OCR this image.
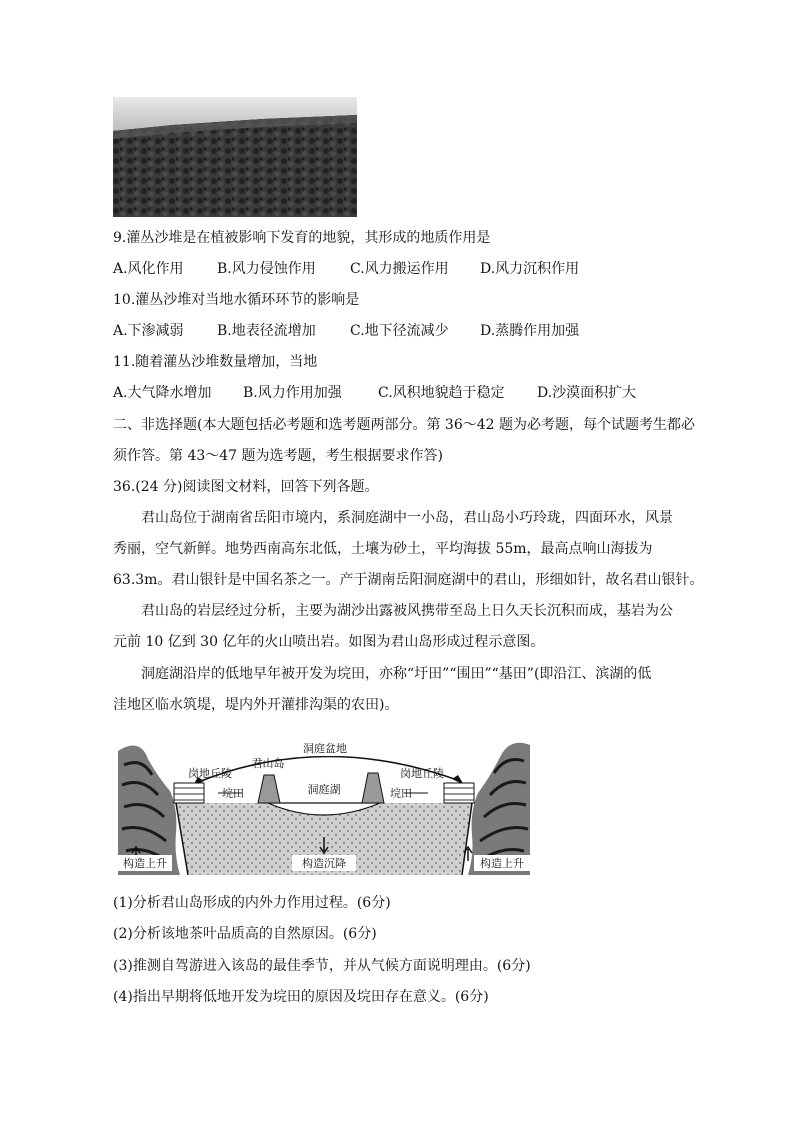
9.灌丛沙堆是在植被影响下发育的地貌，其形成的地质作用是
A.风化作用 B.风力侵蚀作用 C.风力搬运作用 D.风力沉积作用
10.灌丛沙堆对当地水循环环节的影响是
A.下渗减弱 B.地表径流增加 C.地下径流减少 D.蒸腾作用加强
11.随着灌丛沙堆数量增加，当地
A.大气降水增加 B.风力作用加强	C.风积地貌趋于稳定 D.沙漠面积扩大
二、非选择题(本大题包括必考题和选考题两部分。第 36～42 题为必考题，每个试题考生都必
须作答。第 43～47 题为选考题，考生根据要求作答)
36.(24 分)阅读图文材料，回答下列各题。
君山岛位于湖南省岳阳市境内，系洞庭湖中一小岛，君山岛小巧玲珑，四面环水，风景
秀丽，空气新鲜。地势西南高东北低，土壤为砂土，平均海拔 55m，最高点响山海拔为
63.3m。君山银针是中国名茶之一。产于湖南岳阳洞庭湖中的君山，形细如针，故名君山银针。
君山岛的岩层经过分析，主要为湖沙出露被风携带至岛上日久天长沉积而成，基岩为公
元前 10 亿到 30 亿年的火山喷出岩。如图为君山岛形成过程示意图。
洞庭湖沿岸的低地早年被开发为垸田，亦称“圩田”“围田”“基田”(即沿江、滨湖的低
洼地区临水筑堤，堤内外开灌排沟渠的农田)。
洞庭盆地
岗地丘陵
君山岛
垸田	洞庭湖
岗地丘陵
垸田
构造上升	构造沉降	构造上升
(1)分析君山岛形成的内外力作用过程。(6分)
(2)分析该地茶叶品质高的自然原因。(6分)
(3)推测自驾游进入该岛的最佳季节，并从气候方面说明理由。(6分)
(4)指出早期将低地开发为垸田的原因及垸田存在意义。(6分)
